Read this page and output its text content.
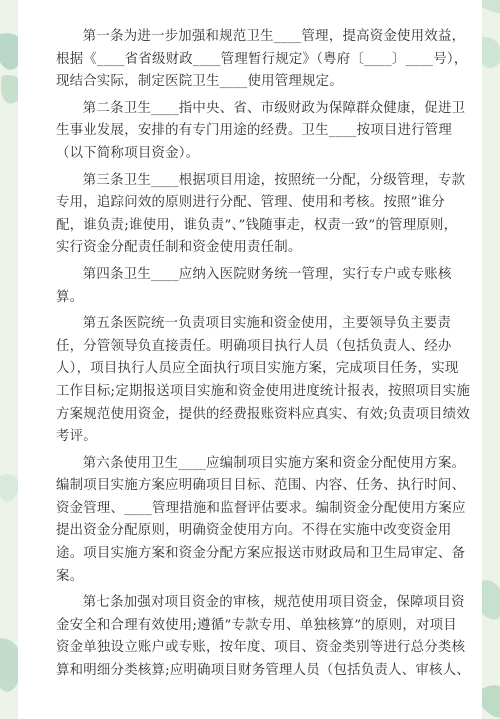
第一条为进一步加强和规范卫生____管理，提高资金使用效益，根据《____省省级财政____管理暂行规定》（粤府〔____〕____号），现结合实际，制定医院卫生____使用管理规定。

第二条卫生____指中央、省、市级财政为保障群众健康，促进卫生事业发展，安排的有专门用途的经费。卫生____按项目进行管理（以下简称项目资金）。

第三条卫生____根据项目用途，按照统一分配，分级管理，专款专用，追踪问效的原则进行分配、管理、使用和考核。按照”谁分配，谁负责;谁使用，谁负责”、”钱随事走，权责一致”的管理原则，实行资金分配责任制和资金使用责任制。

第四条卫生____应纳入医院财务统一管理，实行专户或专账核算。

第五条医院统一负责项目实施和资金使用，主要领导负主要责任，分管领导负直接责任。明确项目执行人员（包括负责人、经办人），项目执行人员应全面执行项目实施方案，完成项目任务，实现工作目标;定期报送项目实施和资金使用进度统计报表，按照项目实施方案规范使用资金，提供的经费报账资料应真实、有效;负责项目绩效考评。

第六条使用卫生____应编制项目实施方案和资金分配使用方案。编制项目实施方案应明确项目目标、范围、内容、任务、执行时间、资金管理、____管理措施和监督评估要求。编制资金分配使用方案应提出资金分配原则，明确资金使用方向。不得在实施中改变资金用途。项目实施方案和资金分配方案应报送市财政局和卫生局审定、备案。

第七条加强对项目资金的审核，规范使用项目资金，保障项目资金安全和合理有效使用;遵循”专款专用、单独核算”的原则，对项目资金单独设立账户或专账，按年度、项目、资金类别等进行总分类核算和明细分类核算;应明确项目财务管理人员（包括负责人、审核人、
